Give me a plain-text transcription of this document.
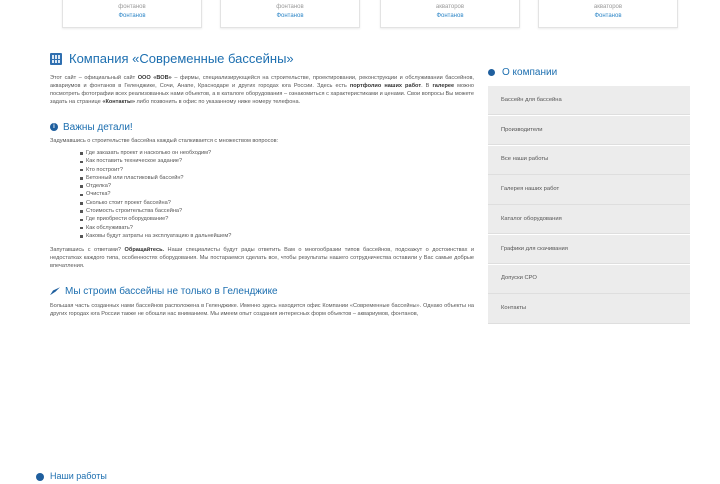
фонтанов
Фонтанов
фонтанов
Фонтанов
акваторов
Фонтанов
акваторов
Фонтанов
Компания «Современные бассейны»

Этот сайт – официальный сайт ООО «ВОВ» – фирмы, специализирующейся на строительстве, проектировании, реконструкции и обслуживании бассейнов, аквариумов и фонтанов в Геленджике, Сочи, Анапе, Краснодаре и других городах юга России. Здесь есть портфолио наших работ. В галерее можно посмотреть фотографии всех реализованных нами объектов, а в каталоге оборудования – ознакомиться с характеристиками и ценами. Свои вопросы Вы можете задать на странице «Контакты» либо позвонить в офис по указанному ниже номеру телефона.

i Важны детали!

Задумавшись о строительстве бассейна каждый сталкивается с множеством вопросов:

Где заказать проект и насколько он необходим?
Как поставить техническое задание?
Кто построит?
Бетонный или пластиковый бассейн?
Отделка?
Очистка?
Сколько стоит проект бассейна?
Стоимость строительства бассейна?
Где приобрести оборудование?
Как обслуживать?
Каковы будут затраты на эксплуатацию в дальнейшем?

Запутавшись с ответами? Обращайтесь. Наши специалисты будут рады ответить Вам о многообразии типов бассейнов, подскажут о достоинствах и недостатках каждого типа, особенностях оборудования. Мы постараемся сделать все, чтобы результаты нашего сотрудничества оставили у Вас самые добрые впечатления.

Мы строим бассейны не только в Геленджике

Большая часть созданных нами бассейнов расположена в Геленджике. Именно здесь находится офис Компании «Современные бассейны». Однако объекты на других городах юга России также не обошли нас вниманием. Мы имеем опыт создания интересных форм объектов – аквариумов, фонтанов,

Наши работы
О компании
Бассейн для бассейна
Производители
Все наши работы
Галерея наших работ
Каталог оборудования
Графики для скачивания
Допуски СРО
Контакты
